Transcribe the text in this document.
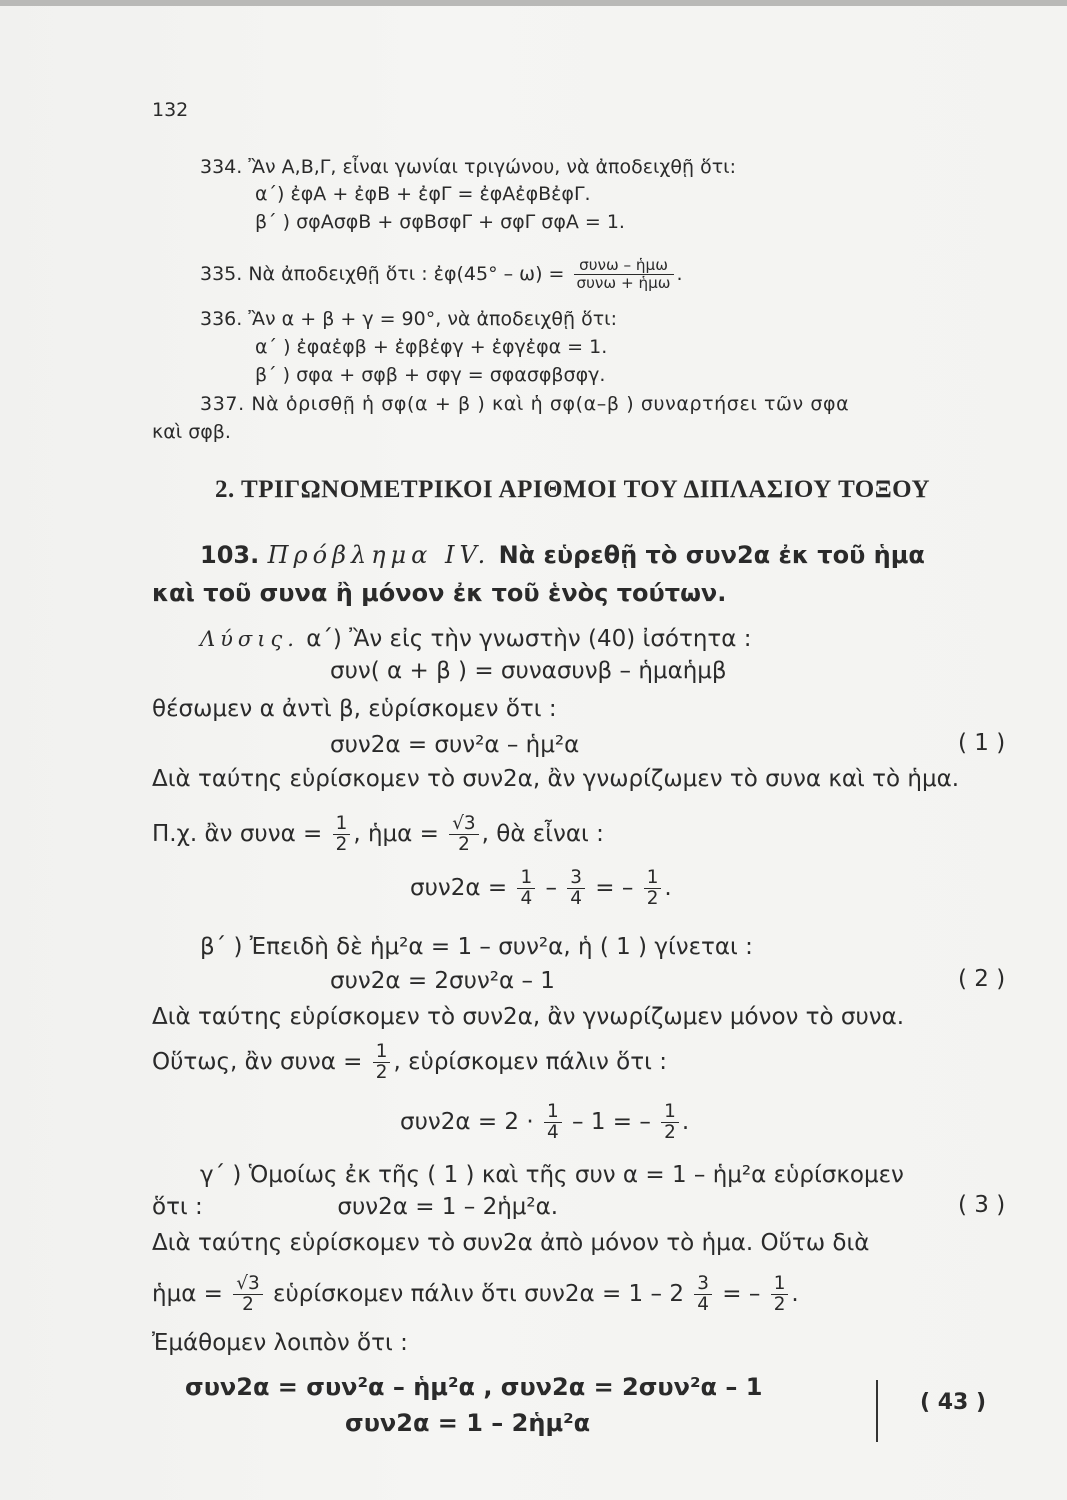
132
334. Ἂν Α,Β,Γ, εἶναι γωνίαι τριγώνου, νὰ ἀποδειχθῇ ὅτι:
α΄) ἐφΑ + ἐφΒ + ἐφΓ = ἐφΑἐφΒἐφΓ.
β΄ ) σφΑσφΒ + σφΒσφΓ + σφΓ σφΑ = 1.
335. Νὰ ἀποδειχθῇ ὅτι : ἐφ(45° – $\omega) = \frac{\text{συνω – ἡμω}}{\text{συνω + ἡμω}}$ .
336. Ἂν α + β + γ = 90°, νὰ ἀποδειχθῇ ὅτι:
α΄ ) ἐφαἐφβ + ἐφβἐφγ + ἐφγἐφα = 1.
β΄ ) σφα + σφβ + σφγ = σφασφβσφγ.
337. Νὰ ὁρισθῇ ἡ σφ(α + β ) καὶ ἡ σφ(α–β ) συναρτήσει τῶν σφα
καὶ σφβ.
2. ΤΡΙΓΩΝΟΜΕΤΡΙΚΟΙ ΑΡΙΘΜΟΙ ΤΟΥ ΔΙΠΛΑΣΙΟΥ ΤΟΞΟΥ
103. Πρόβλημα ΙV. Νὰ εὑρεθῇ τὸ συν2α ἐκ τοῦ ἡμα
καὶ τοῦ συνα ἢ μόνον ἐκ τοῦ ἑνὸς τούτων.
Λύσις. α΄) Ἂν εἰς τὴν γνωστὴν (40) ἰσότητα :
συν( α + β ) = συνασυνβ – ἡμαἡμβ
θέσωμεν α ἀντὶ β, εὑρίσκομεν ὅτι :
συν2α = συν²α – ἡμ²α	( 1 )
Διὰ ταύτης εὑρίσκομεν τὸ συν2α, ἂν γνωρίζωμεν τὸ συνα καὶ τὸ ἡμα.
Π.χ. ἂν $\sigma\upsilon\nu\alpha = \frac{1}{2}$ , ἡμα = $\frac{√3}{2}$ , θὰ εἶναι :
$\sigma\upsilon\nu 2\alpha = \frac{1}{4} - \frac{3}{4}$ = – $\frac{1}{2}$ .
β΄ ) Ἐπειδὴ δὲ ἡμ²α = 1 – συν²α, ἡ ( 1 ) γίνεται :
συν2α = 2συν²α – 1	( 2 )
Διὰ ταύτης εὑρίσκομεν τὸ συν2α, ἂν γνωρίζωμεν μόνον τὸ συνα.
Οὕτως, ἂν $\sigma\upsilon\nu\alpha = \frac{1}{2}$ , εὑρίσκομεν πάλιν ὅτι :
$\sigma\upsilon\nu 2\alpha = 2 \cdot \frac{1}{4} - 1$ = – $\frac{1}{2}$ .
γ΄ ) Ὁμοίως ἐκ τῆς ( 1 ) καὶ τῆς συν α = 1 – ἡμ²α εὑρίσκομεν
ὅτι :	συν2α = 1 – 2ἡμ²α.	( 3 )
Διὰ ταύτης εὑρίσκομεν τὸ συν2α ἀπὸ μόνον τὸ ἡμα. Οὕτω διὰ
ἡμα = $\frac{√3}{2}$ εὑρίσκομεν πάλιν ὅτι $\sigma\upsilon\nu 2\alpha = 1 - 2 \frac{3}{4}$ = – $\frac{1}{2}$ .
Ἐμάθομεν λοιπὸν ὅτι :
συν2α = συν²α – ἡμ²α , συν2α = 2συν²α – 1
συν2α = 1 – 2ἡμ²α
( 43 )
